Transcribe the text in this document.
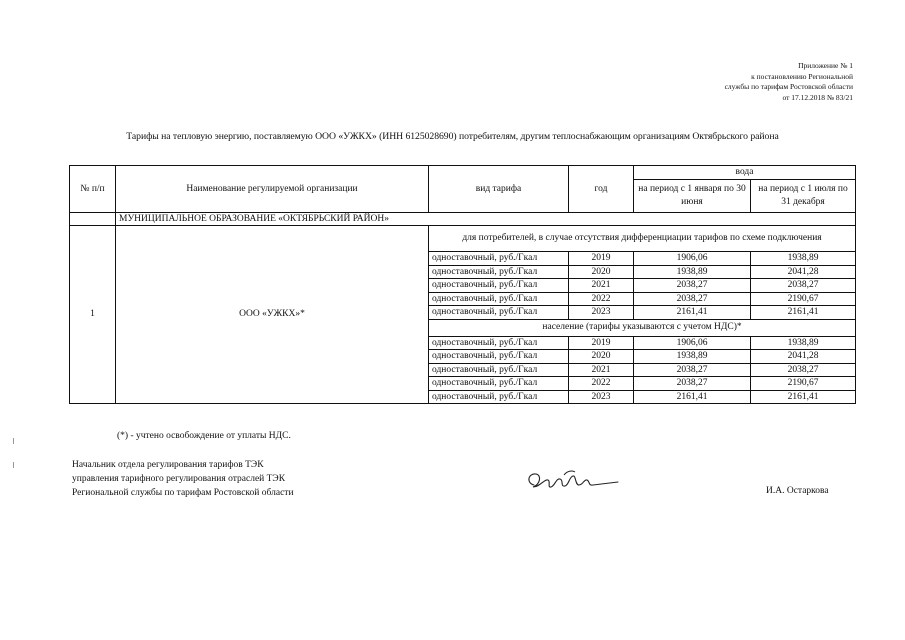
Приложение № 1
к постановлению Региональной
службы по тарифам Ростовской области
от 17.12.2018 № 83/21
Тарифы на тепловую энергию, поставляемую ООО «УЖКХ» (ИНН 6125028690) потребителям, другим теплоснабжающим организациям Октябрьского района
№ п/п	Наименование регулируемой организации	вид тарифа	год	вода	
				на период с 1 января по 30 июня	на период с 1 июля по 31 декабря
	МУНИЦИПАЛЬНОЕ ОБРАЗОВАНИЕ «ОКТЯБРЬСКИЙ РАЙОН»				
1	ООО «УЖКХ»*	для потребителей, в случае отсутствия дифференциации тарифов по схеме подключения			
		одноставочный, руб./Гкал	2019	1906,06	1938,89
		одноставочный, руб./Гкал	2020	1938,89	2041,28
		одноставочный, руб./Гкал	2021	2038,27	2038,27
		одноставочный, руб./Гкал	2022	2038,27	2190,67
		одноставочный, руб./Гкал	2023	2161,41	2161,41
		население (тарифы указываются с учетом НДС)*			
		одноставочный, руб./Гкал	2019	1906,06	1938,89
		одноставочный, руб./Гкал	2020	1938,89	2041,28
		одноставочный, руб./Гкал	2021	2038,27	2038,27
		одноставочный, руб./Гкал	2022	2038,27	2190,67
		одноставочный, руб./Гкал	2023	2161,41	2161,41
(*) - учтено освобождение от уплаты НДС.
Начальник отдела регулирования тарифов ТЭК
управления тарифного регулирования отраслей ТЭК
Региональной службы по тарифам Ростовской области	И.А. Остаркова
